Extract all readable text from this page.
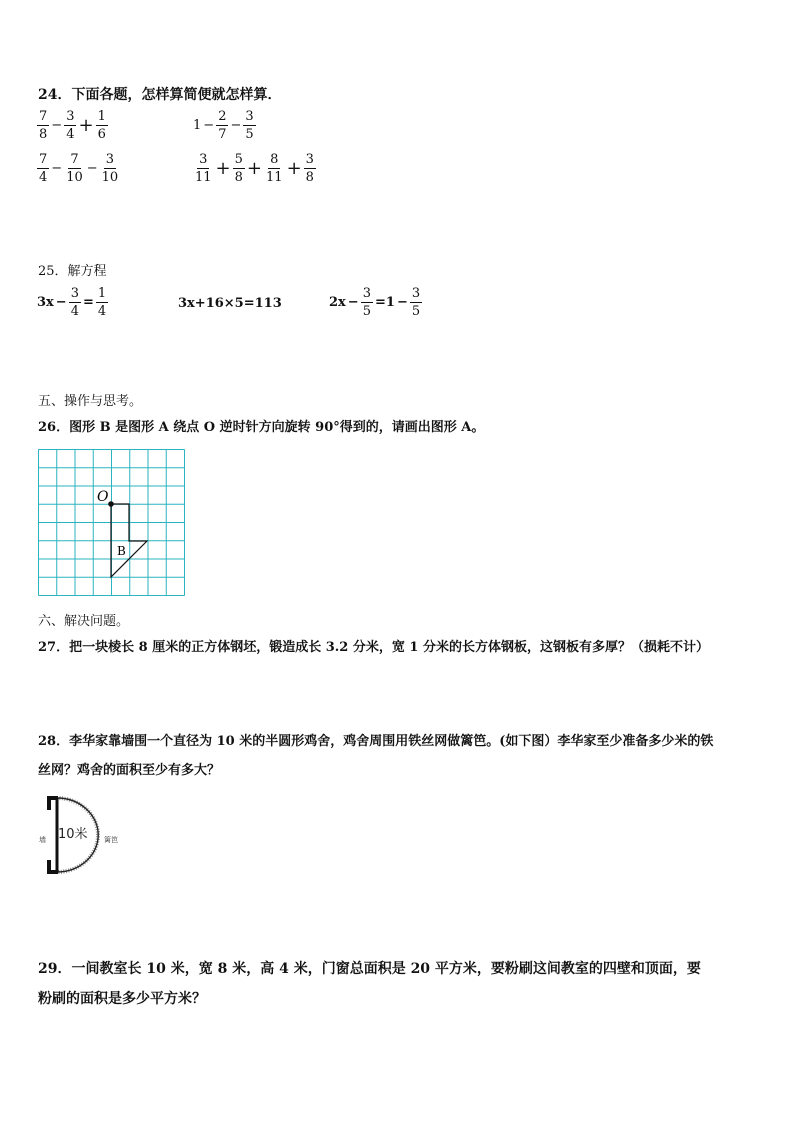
24．下面各题，怎样算简便就怎样算．
$\frac{7}{8} - \frac{3}{4} + \frac{1}{6}$	$1 - \frac{2}{7} - \frac{3}{5}$
$\frac{7}{4} - \frac{7}{10} - \frac{3}{10}$	$\frac{3}{11} + \frac{5}{8} + \frac{8}{11} + \frac{3}{8}$
25．解方程
$3x - \frac{3}{4} = \frac{1}{4}$	3x+16×5=113	$2x - \frac{3}{5} =1 - \frac{3}{5}$
五、操作与思考。
26．图形 B 是图形 A 绕点 O 逆时针方向旋转 90°得到的，请画出图形 A。
O
B
六、解决问题。
27．把一块棱长 8 厘米的正方体钢坯，锻造成长 3.2 分米，宽 1 分米的长方体钢板，这钢板有多厚？（损耗不计）
28．李华家靠墙围一个直径为 10 米的半圆形鸡舍，鸡舍周围用铁丝网做篱笆。(如下图）李华家至少准备多少米的铁
丝网？鸡舍的面积至少有多大？
墙 10米 篱笆
29．一间教室长 10 米，宽 8 米，高 4 米，门窗总面积是 20 平方米，要粉刷这间教室的四壁和顶面，要
粉刷的面积是多少平方米？
